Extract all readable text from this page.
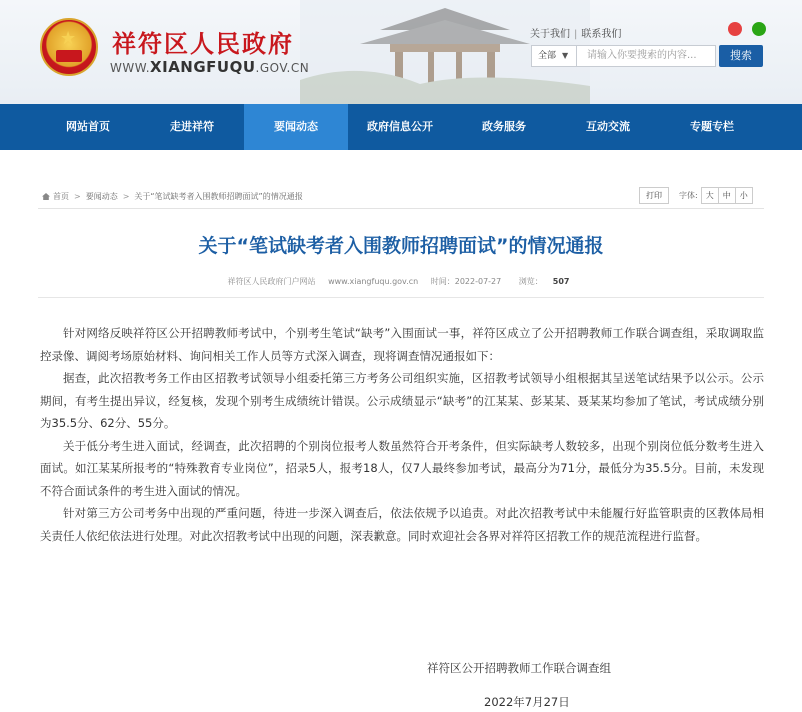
★ 祥符区人民政府
WWW.XIANGFUQU.GOV.CN
关于我们 | 联系我们
全部 ▼	请输入你要搜索的内容...	搜索
网站首页	走进祥符	要闻动态	政府信息公开	政务服务	互动交流	专题专栏
首页 > 要闻动态 > 关于“笔试缺考者入围教师招聘面试”的情况通报	打印	字体:	大	中	小
关于“笔试缺考者入围教师招聘面试”的情况通报
祥符区人民政府门户网站 www.xiangfuqu.gov.cn 时间：2022-07-27 浏览： 507

针对网络反映祥符区公开招聘教师考试中，个别考生笔试“缺考”入围面试一事，祥符区成立了公开招聘教师工作联合调查组，采取调取监控录像、调阅考场原始材料、询问相关工作人员等方式深入调查，现将调查情况通报如下：

据查，此次招教考务工作由区招教考试领导小组委托第三方考务公司组织实施，区招教考试领导小组根据其呈送笔试结果予以公示。公示期间，有考生提出异议，经复核，发现个别考生成绩统计错误。公示成绩显示“缺考”的江某某、彭某某、聂某某均参加了笔试，考试成绩分别为35.5分、62分、55分。

关于低分考生进入面试，经调查，此次招聘的个别岗位报考人数虽然符合开考条件，但实际缺考人数较多，出现个别岗位低分数考生进入面试。如江某某所报考的“特殊教育专业岗位”，招录5人，报考18人，仅7人最终参加考试，最高分为71分，最低分为35.5分。目前，未发现不符合面试条件的考生进入面试的情况。

针对第三方公司考务中出现的严重问题，待进一步深入调查后，依法依规予以追责。对此次招教考试中未能履行好监管职责的区教体局相关责任人依纪依法进行处理。对此次招教考试中出现的问题，深表歉意。同时欢迎社会各界对祥符区招教工作的规范流程进行监督。

祥符区公开招聘教师工作联合调查组
2022年7月27日
